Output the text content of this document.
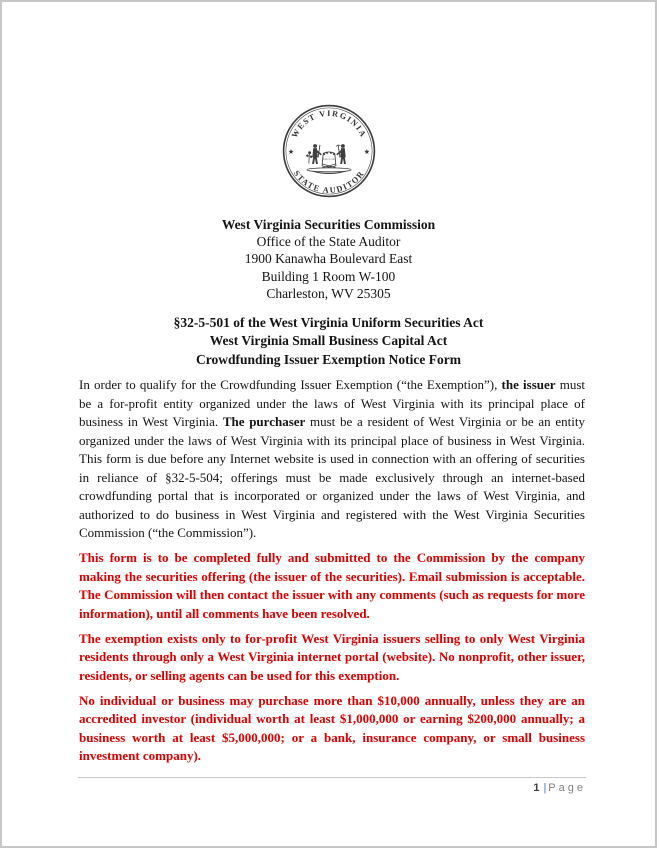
WEST VIRGINIA
STATE AUDITOR
★	★
JUNE 20 1863
West Virginia Securities Commission
Office of the State Auditor
1900 Kanawha Boulevard East
Building 1 Room W-100
Charleston, WV 25305
§32-5-501 of the West Virginia Uniform Securities Act
West Virginia Small Business Capital Act
Crowdfunding Issuer Exemption Notice Form

In order to qualify for the Crowdfunding Issuer Exemption (“the Exemption”), the issuer must be a for-profit entity organized under the laws of West Virginia with its principal place of business in West Virginia. The purchaser must be a resident of West Virginia or be an entity organized under the laws of West Virginia with its principal place of business in West Virginia. This form is due before any Internet website is used in connection with an offering of securities in reliance of §32-5-504; offerings must be made exclusively through an internet-based crowdfunding portal that is incorporated or organized under the laws of West Virginia, and authorized to do business in West Virginia and registered with the West Virginia Securities Commission (“the Commission”).

This form is to be completed fully and submitted to the Commission by the company making the securities offering (the issuer of the securities). Email submission is acceptable. The Commission will then contact the issuer with any comments (such as requests for more information), until all comments have been resolved.

The exemption exists only to for-profit West Virginia issuers selling to only West Virginia residents through only a West Virginia internet portal (website). No nonprofit, other issuer, residents, or selling agents can be used for this exemption.

No individual or business may purchase more than $10,000 annually, unless they are an accredited investor (individual worth at least $1,000,000 or earning $200,000 annually; a business worth at least $5,000,000; or a bank, insurance company, or small business investment company).

1 | Page
